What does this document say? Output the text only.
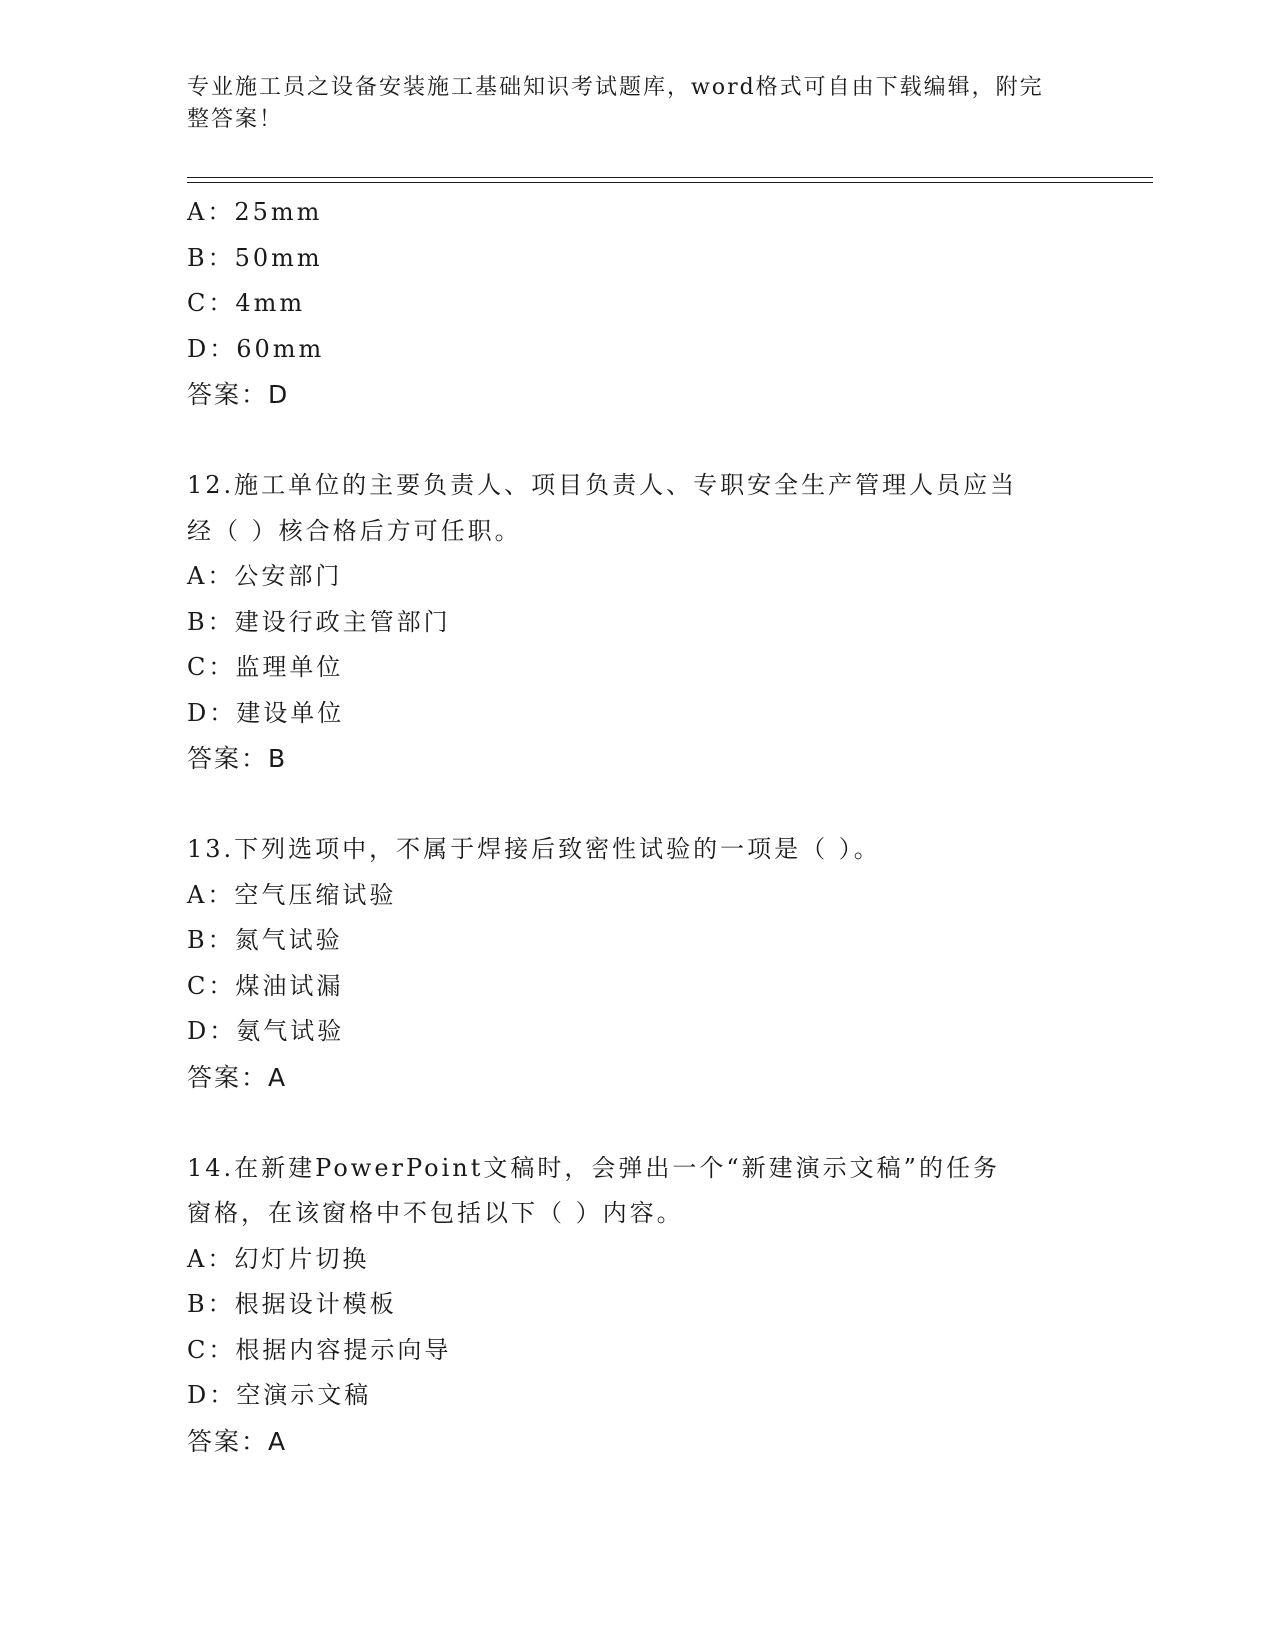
专业施工员之设备安装施工基础知识考试题库，word格式可自由下载编辑，附完整答案！
A：25mm
B：50mm
C：4mm
D：60mm
答案：D
12.施工单位的主要负责人、项目负责人、专职安全生产管理人员应当
经（ ）核合格后方可任职。
A：公安部门
B：建设行政主管部门
C：监理单位
D：建设单位
答案：B
13.下列选项中，不属于焊接后致密性试验的一项是（ ）。
A：空气压缩试验
B：氮气试验
C：煤油试漏
D：氨气试验
答案：A
14.在新建PowerPoint文稿时，会弹出一个“新建演示文稿”的任务
窗格，在该窗格中不包括以下（ ）内容。
A：幻灯片切换
B：根据设计模板
C：根据内容提示向导
D：空演示文稿
答案：A
